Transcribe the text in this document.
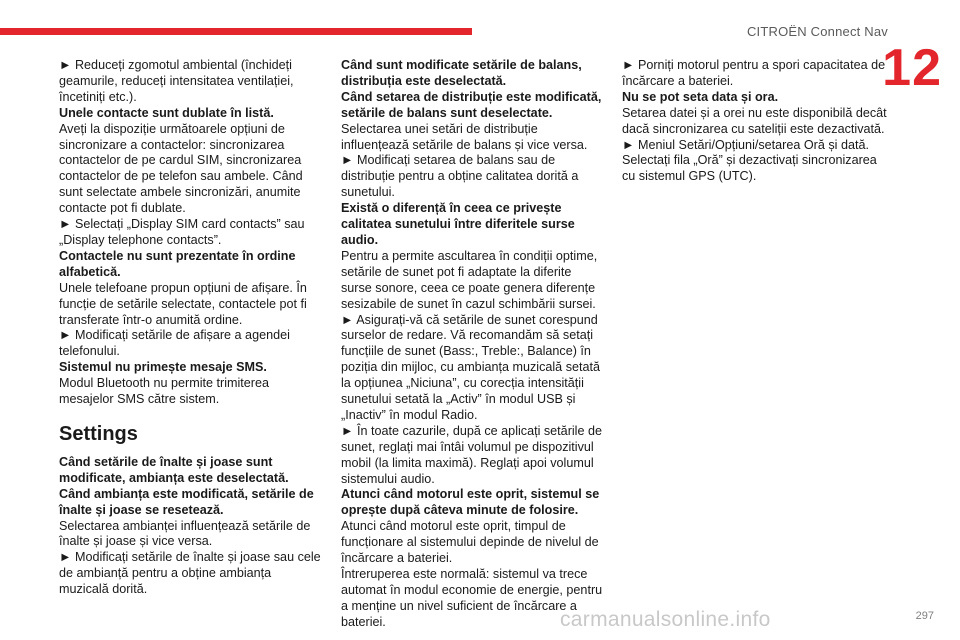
CITROËN Connect Nav
12

► Reduceți zgomotul ambiental (închideți geamurile, reduceți intensitatea ventilației, încetiniți etc.).

Unele contacte sunt dublate în listă.

Aveți la dispoziție următoarele opțiuni de sincronizare a contactelor: sincronizarea contactelor de pe cardul SIM, sincronizarea contactelor de pe telefon sau ambele. Când sunt selectate ambele sincronizări, anumite contacte pot fi dublate.

► Selectați „Display SIM card contacts” sau „Display telephone contacts”.

Contactele nu sunt prezentate în ordine alfabetică.

Unele telefoane propun opțiuni de afișare. În funcție de setările selectate, contactele pot fi transferate într-o anumită ordine.

► Modificați setările de afișare a agendei telefonului.

Sistemul nu primește mesaje SMS.

Modul Bluetooth nu permite trimiterea mesajelor SMS către sistem.

Settings

Când setările de înalte și joase sunt modificate, ambianța este deselectată.

Când ambianța este modificată, setările de înalte și joase se resetează.

Selectarea ambianței influențează setările de înalte și joase și vice versa.

► Modificați setările de înalte și joase sau cele de ambianță pentru a obține ambianța muzicală dorită.

Când sunt modificate setările de balans, distribuția este deselectată.

Când setarea de distribuție este modificată, setările de balans sunt deselectate.

Selectarea unei setări de distribuție influențează setările de balans și vice versa.

► Modificați setarea de balans sau de distribuție pentru a obține calitatea dorită a sunetului.

Există o diferență în ceea ce privește calitatea sunetului între diferitele surse audio.

Pentru a permite ascultarea în condiții optime, setările de sunet pot fi adaptate la diferite surse sonore, ceea ce poate genera diferențe sesizabile de sunet în cazul schimbării sursei.

► Asigurați-vă că setările de sunet corespund surselor de redare. Vă recomandăm să setați funcțiile de sunet (Bass:, Treble:, Balance) în poziția din mijloc, cu ambianța muzicală setată la opțiunea „Niciuna”, cu corecția intensității sunetului setată la „Activ” în modul USB și „Inactiv” în modul Radio.

► În toate cazurile, după ce aplicați setările de sunet, reglați mai întâi volumul pe dispozitivul mobil (la limita maximă). Reglați apoi volumul sistemului audio.

Atunci când motorul este oprit, sistemul se oprește după câteva minute de folosire.

Atunci când motorul este oprit, timpul de funcționare al sistemului depinde de nivelul de încărcare a bateriei.

Întreruperea este normală: sistemul va trece automat în modul economie de energie, pentru a menține un nivel suficient de încărcare a bateriei.

► Porniți motorul pentru a spori capacitatea de încărcare a bateriei.

Nu se pot seta data și ora.

Setarea datei și a orei nu este disponibilă decât dacă sincronizarea cu sateliții este dezactivată.

► Meniul Setări/Opțiuni/setarea Oră și dată. Selectați fila „Oră” și dezactivați sincronizarea cu sistemul GPS (UTC).

carmanualsonline.info	297
